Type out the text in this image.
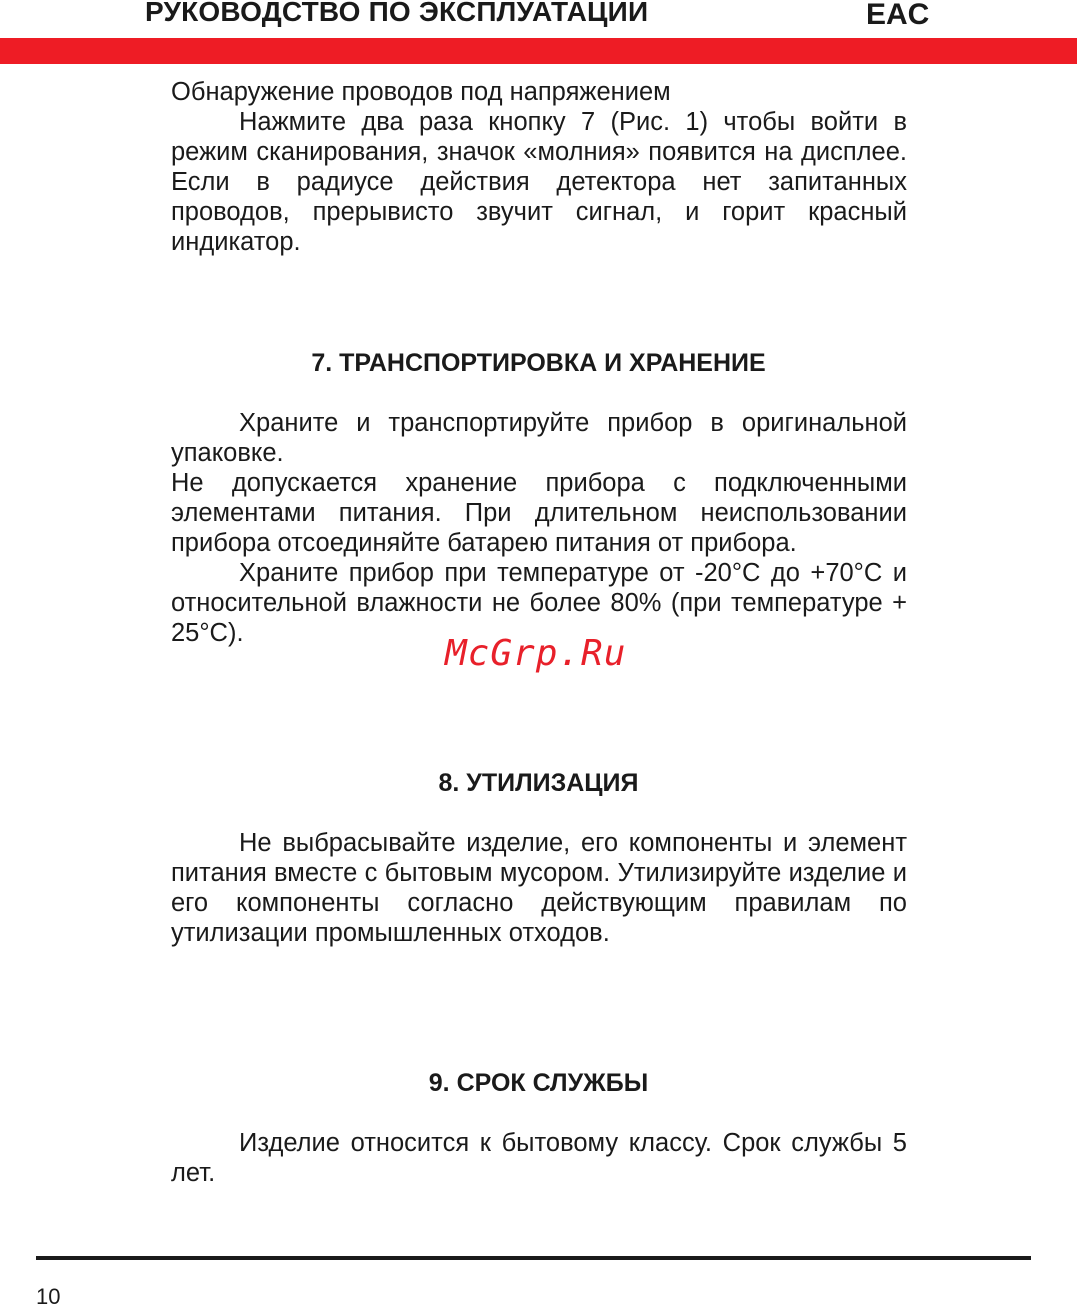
РУКОВОДСТВО ПО ЭКСПЛУАТАЦИИ	EAC

Обнаружение проводов под напряжением

Нажмите два раза кнопку 7 (Рис. 1) чтобы войти в режим сканирования, значок «молния» появится на дисплее. Если в радиусе действия детектора нет запитанных проводов, прерывисто звучит сигнал, и горит красный индикатор.

7. ТРАНСПОРТИРОВКА И ХРАНЕНИЕ

Храните и транспортируйте прибор в оригинальной упаковке.

Не допускается хранение прибора с подключенными элементами питания. При длительном неиспользовании прибора отсоединяйте батарею питания от прибора.

Храните прибор при температуре от -20°С до +70°С и относительной влажности не более 80% (при температуре + 25°С).	McGrp.Ru
8. УТИЛИЗАЦИЯ

Не выбрасывайте изделие, его компоненты и элемент питания вместе с бытовым мусором. Утилизируйте изделие и его компоненты согласно действующим правилам по утилизации промышленных отходов.

9. СРОК СЛУЖБЫ

Изделие относится к бытовому классу. Срок службы 5 лет.

10
